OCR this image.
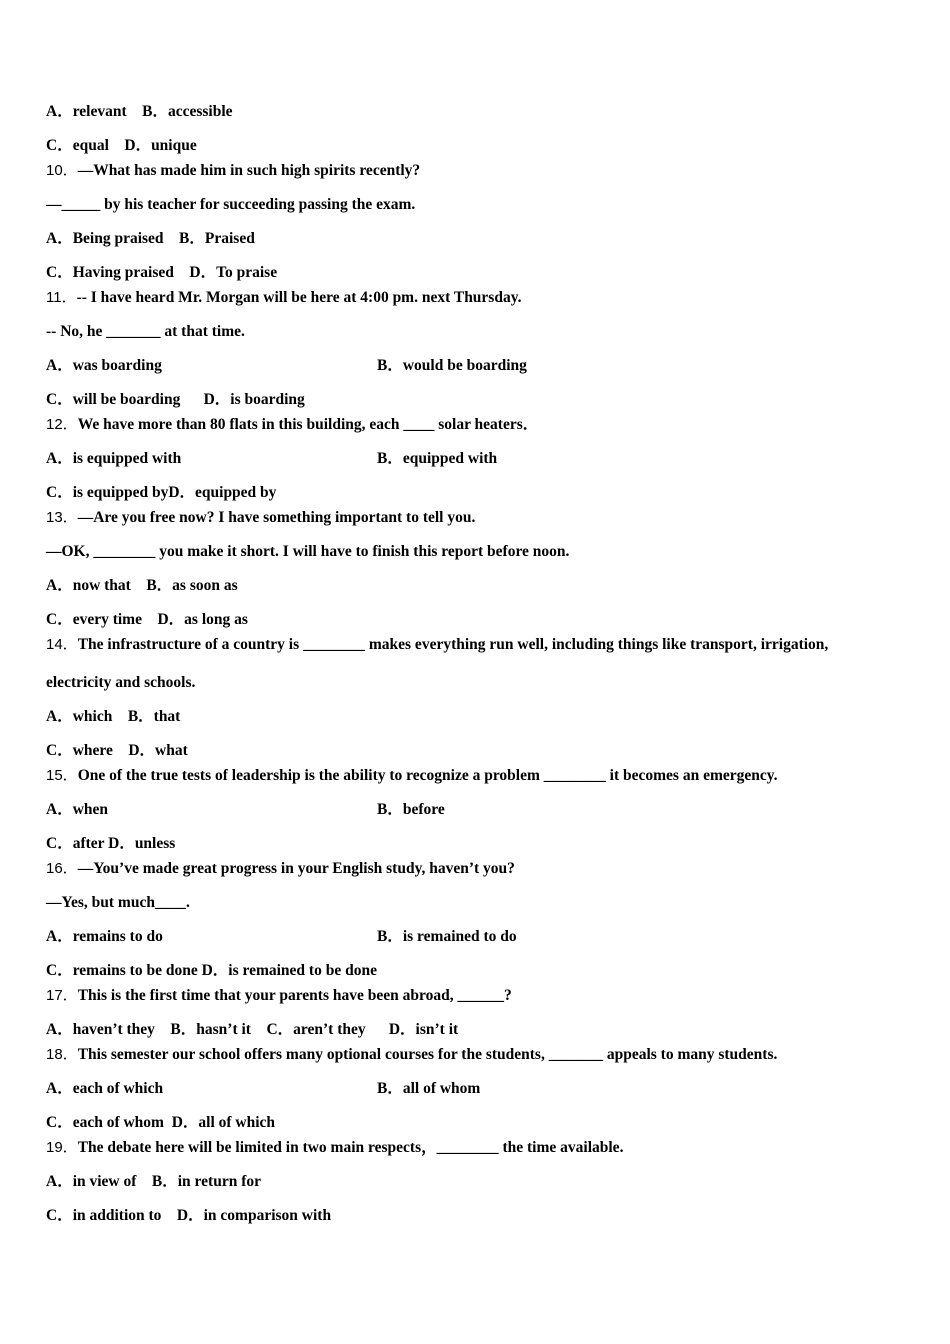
A．relevant    B．accessible
C．equal    D．unique
10．—What has made him in such high spirits recently?
—_____ by his teacher for succeeding passing the exam.
A．Being praised    B．Praised
C．Having praised    D．To praise
11．-- I have heard Mr. Morgan will be here at 4:00 pm. next Thursday.
-- No, he _______ at that time.
A．was boarding	B．would be boarding
C．will be boarding      D．is boarding
12．We have more than 80 flats in this building, each ____ solar heaters．
A．is equipped with	B．equipped with
C．is equipped byD．equipped by
13．—Are you free now? I have something important to tell you.
—OK, ________ you make it short. I will have to finish this report before noon.
A．now that    B．as soon as
C．every time    D．as long as
14．The infrastructure of a country is ________ makes everything run well, including things like transport, irrigation,
electricity and schools.
A．which    B．that
C．where    D．what
15．One of the true tests of leadership is the ability to recognize a problem ________ it becomes an emergency.
A．when	B．before
C．after D．unless
16．—You’ve made great progress in your English study, haven’t you?
—Yes, but much____.
A．remains to do	B．is remained to do
C．remains to be done D．is remained to be done
17．This is the first time that your parents have been abroad, ______?
A．haven’t they    B．hasn’t it    C．aren’t they      D．isn’t it
18．This semester our school offers many optional courses for the students, _______ appeals to many students.
A．each of which	B．all of whom
C．each of whom  D．all of which
19．The debate here will be limited in two main respects，________ the time available.
A．in view of    B．in return for
C．in addition to    D．in comparison with
